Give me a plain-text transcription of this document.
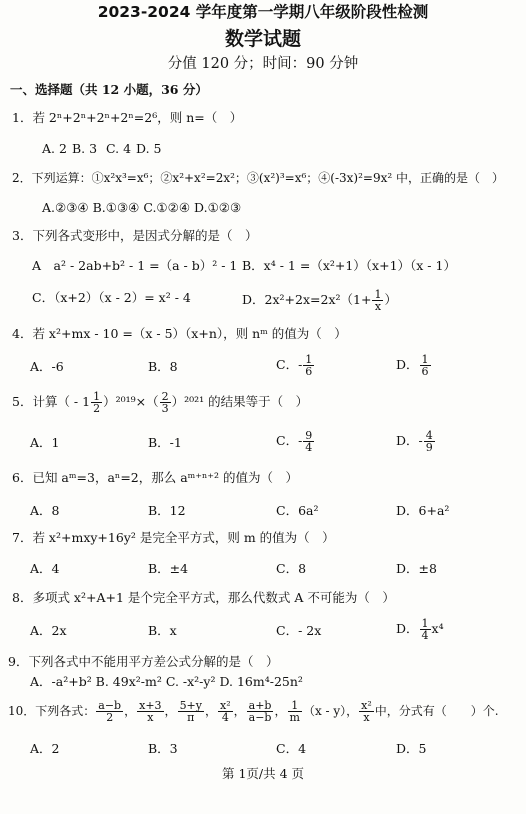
2023-2024 学年度第一学期八年级阶段性检测
数学试题
分值 120 分；时间：90 分钟
一、选择题（共 12 小题，36 分）
1．若 2ⁿ+2ⁿ+2ⁿ+2ⁿ=2⁶，则 n=（　）
A. 2 B. 3 C. 4 D. 5
2．下列运算：①x²x³=x⁶；②x²+x²=2x²；③(x²)³=x⁶；④(-3x)²=9x² 中，正确的是（　）
A.②③④ B.①③④ C.①②④ D.①②③
3．下列各式变形中，是因式分解的是（　）
A　a² - 2ab+b² - 1 =（a - b）² - 1 B．x⁴ - 1 =（x²+1）（x+1）（x - 1）
C．（x+2）（x - 2）= x² - 4	D．$2x^2+2x=2x^2(1+ \frac{1}{x}$ ）
4．若 x²+mx - 10 =（x - 5）（x+n），则 nᵐ 的值为（　）
A．-6	B．8	C．- $\frac{1}{6}$	D． $\frac{1}{6}$
5．计算（ - $1 \frac{1}{2} )^{2019}\times( \frac{2}{3} )^{2021}$ 的结果等于（　）
A．1	B．-1	C．- $\frac{9}{4}$	D．- $\frac{4}{9}$
6．已知 aᵐ=3，aⁿ=2，那么 aᵐ⁺ⁿ⁺² 的值为（　）
A．8	B．12	C．6a²	D．6+a²
7．若 x²+mxy+16y² 是完全平方式，则 m 的值为（　）
A．4	B．±4	C．8	D．±8
8．多项式 x²+A+1 是个完全平方式，那么代数式 A 不可能为（　）
A．2x	B．x	C．- 2x	D． $\frac{1}{4} x^4$
9．下列各式中不能用平方差公式分解的是（　）
A．-a²+b² B. 49x²-m² C. -x²-y² D. 16m⁴-25n²
10．下列各式： $\frac{a-b}{2}$ ， $\frac{x+3}{x}$ ， $\frac{5+y}{\pi}$ ， $\frac{\text{x²}}{4}$ ， $\frac{a+b}{a-b}$ ， $\frac{1}{m} (x - y)$， $\frac{\text{x²}}{x}$ 中，分式有（　　）个.
A．2	B．3	C．4	D．5
第 1页/共 4 页
